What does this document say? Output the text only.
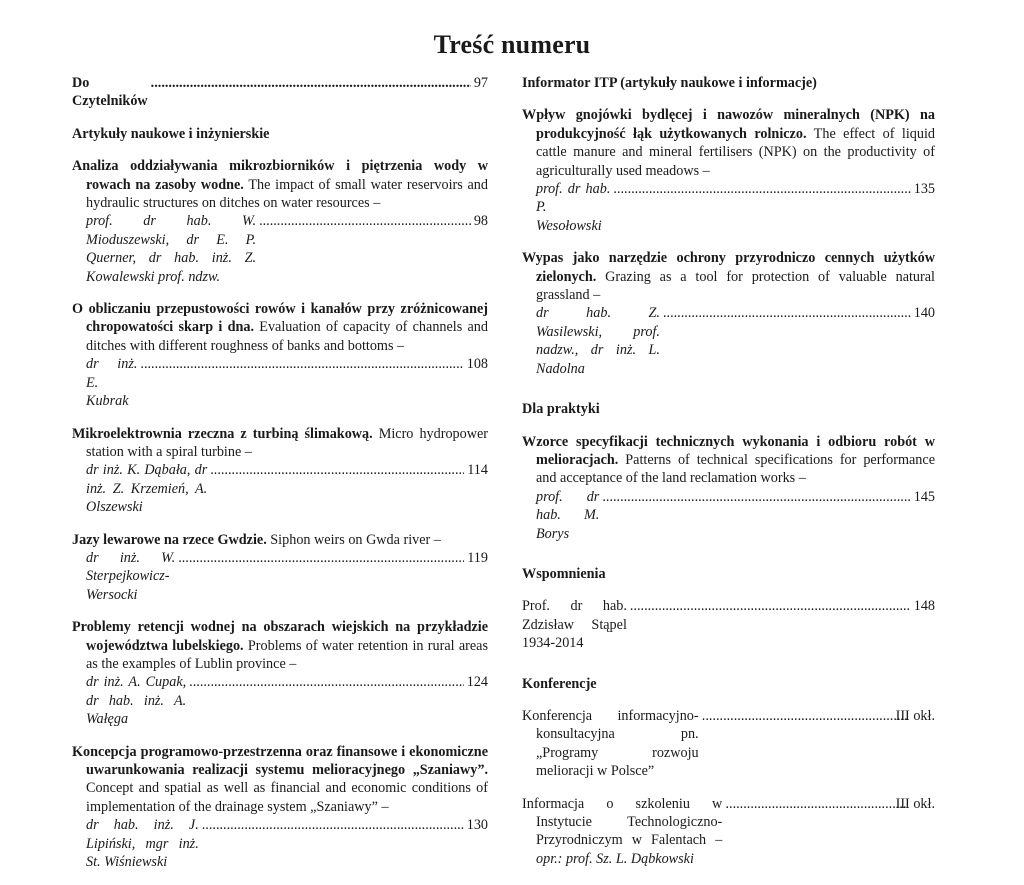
Treść numeru
Do Czytelników
.....
97
Artykuły naukowe i inżynierskie
Analiza oddziaływania mikrozbiorników i piętrzenia wody w rowach na zasoby wodne. The impact of small water reservoirs and hydraulic structures on ditches on water resources –
prof. dr hab. W. Mioduszewski, dr E. P. Querner, dr hab. inż. Z. Kowalewski prof. ndzw.
.....
98
O obliczaniu przepustowości rowów i kanałów przy zróżnicowanej chropowatości skarp i dna. Evaluation of capacity of channels and ditches with different roughness of banks and bottoms –
dr inż. E. Kubrak
.....
108
Mikroelektrownia rzeczna z turbiną ślimakową. Micro hydropower station with a spiral turbine –
dr inż. K. Dąbała, dr inż. Z. Krzemień, A. Olszewski
.....
114
Jazy lewarowe na rzece Gwdzie. Siphon weirs on Gwda river –
dr inż. W. Sterpejkowicz-Wersocki
.....
119
Problemy retencji wodnej na obszarach wiejskich na przykładzie województwa lubelskiego. Problems of water retention in rural areas as the examples of Lublin province –
dr inż. A. Cupak, dr hab. inż. A. Wałęga
.....
124
Koncepcja programowo-przestrzenna oraz finansowe i ekonomiczne uwarunkowania realizacji systemu melioracyjnego „Szaniawy”. Concept and spatial as well as financial and economic conditions of implementation of the drainage system „Szaniawy” –
dr hab. inż. J. Lipiński, mgr inż. St. Wiśniewski
.....
130
Informator ITP (artykuły naukowe i informacje)
Wpływ gnojówki bydlęcej i nawozów mineralnych (NPK) na produkcyjność łąk użytkowanych rolniczo. The effect of liquid cattle manure and mineral fertilisers (NPK) on the productivity of agriculturally used meadows –
prof. dr hab. P. Wesołowski
.....
135
Wypas jako narzędzie ochrony przyrodniczo cennych użytków zielonych. Grazing as a tool for protection of valuable natural grassland –
dr hab. Z. Wasilewski, prof. nadzw., dr inż. L. Nadolna
.....
140
Dla praktyki
Wzorce specyfikacji technicznych wykonania i odbioru robót w melioracjach. Patterns of technical specifications for performance and acceptance of the land reclamation works –
prof. dr hab. M. Borys
.....
145
Wspomnienia
Prof. dr hab. Zdzisław Stąpel 1934-2014
.....
148
Konferencje
Konferencja informacyjno-konsultacyjna pn. „Programy rozwoju melioracji w Polsce”
.....
III okł.
Informacja o szkoleniu w Instytucie Technologiczno-Przyrodniczym w Falentach – opr.: prof. Sz. L. Dąbkowski
.....
III okł.
